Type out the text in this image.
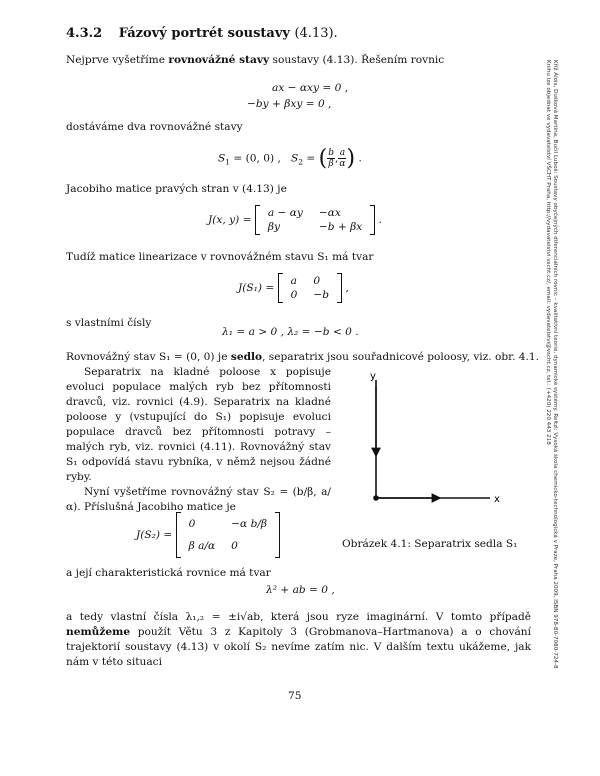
4.3.2 Fázový portrét soustavy (4.13).
Nejprve vyšetříme rovnovážné stavy soustavy (4.13). Řešením rovnic
ax − αxy = 0 ,
−by + βxy = 0 ,
dostáváme dva rovnovážné stavy
$S_1 = (0$, 0) , $S_2$ = ( $\frac{b}{\beta}$ , $\frac{a}{\alpha}$ ) .
Jacobiho matice pravých stran v (4.13) je
J(x, y) =
a − αy	−αx
βy	−b + βx
.
Tudíž matice linearizace v rovnovážném stavu S₁ má tvar
J(S₁) =
a	0
0	−b
,
s vlastními čísly
λ₁ = a > 0 , λ₂ = −b < 0 .
Rovnovážný stav S₁ = (0, 0) je sedlo, separatrix jsou souřadnicové poloosy, viz. obr. 4.1.
Separatrix na kladné poloose x popisuje evoluci populace malých ryb bez přítomnosti dravců, viz. rovnici (4.9). Separatrix na kladné poloose y (vstupující do S₁) popisuje evoluci populace dravců bez přítomnosti potravy – malých ryb, viz. rovnici (4.11). Rovnovážný stav S₁ odpovídá stavu rybníka, v němž nejsou žádné ryby.
Nyní vyšetříme rovnovážný stav S₂ = (b/β, a/α). Příslušná Jacobiho matice je
J(S₂) =
0	−α b/β
β a/α	0
a její charakteristická rovnice má tvar
λ² + ab = 0 ,
a tedy vlastní čísla λ₁,₂ = ±i√ab, která jsou ryze imaginární. V tomto případě nemůžeme použít Větu 3 z Kapitoly 3 (Grobmanova–Hartmanova) a o chování trajektorií soustavy (4.13) v okolí S₂ nevíme zatím nic. V dalším textu ukážeme, jak nám v této situaci
y
x
Obrázek 4.1: Separatrix sedla S₁
75
Kříž Alois, Dušková Martina, Bučil Luboš: Soustavy obyčejných diferenciálních rovnic – kvalitativní teorie, dynamické systémy. Reitzl: Vysoká škola chemicko-technologická v Praze, Praha 2009, ISBN 978-80-7080-724-8
Knihu lze objednat ve vydavatelství VŠCHT Praha, http://vydavatelstvi.vscht.cz/, email: vydavatelstvi@vscht.cz, tel.: (+420) 220 443 218
